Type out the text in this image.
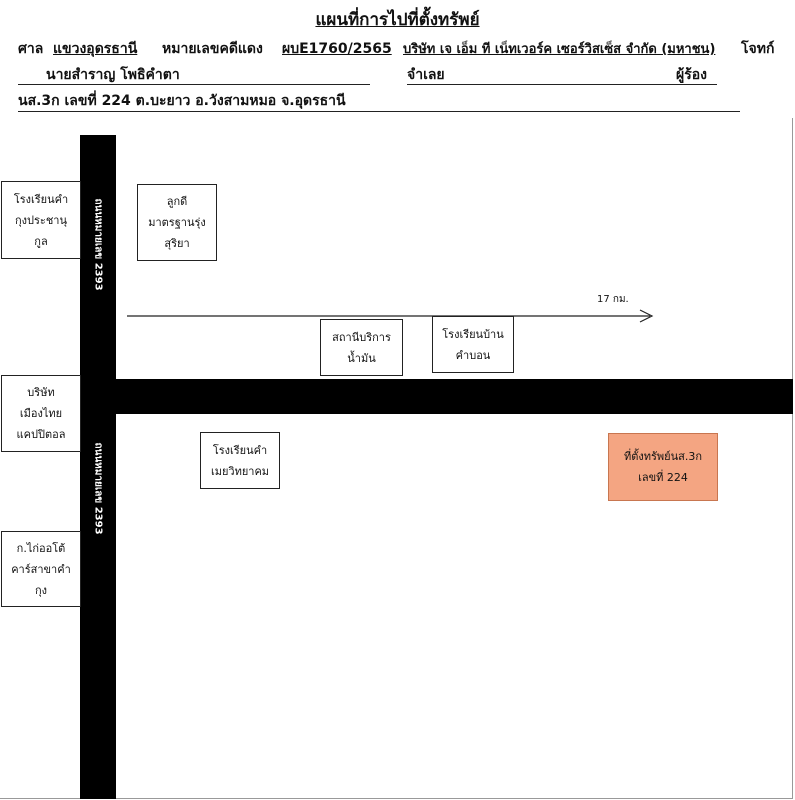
แผนที่การไปที่ตั้งทรัพย์
ศาล แขวงอุดรธานี หมายเลขคดีแดง ผบE1760/2565 บริษัท เจ เอ็ม ที เน็ทเวอร์ค เซอร์วิสเซ็ส จำกัด (มหาชน) โจทก์
นายสำราญ โพธิคำตา	จำเลย	ผู้ร้อง
นส.3ก เลขที่ 224 ต.บะยาว อ.วังสามหมอ จ.อุดรธานี
ถนนหมายเลข 2393
ถนนหมายเลข 2393
17 กม.
โรงเรียนคำ
กุงประชานุ
กูล
ลูกดี
มาตรฐานรุ่ง
สุริยา
สถานีบริการ
น้ำมัน
โรงเรียนบ้าน
คำบอน
บริษัท
เมืองไทย
แคปปิตอล
โรงเรียนคำ
เมยวิทยาคม
ก.ไก่ออโต้
คาร์สาขาคำ
กุง
ที่ตั้งทรัพย์นส.3ก
เลขที่ 224
